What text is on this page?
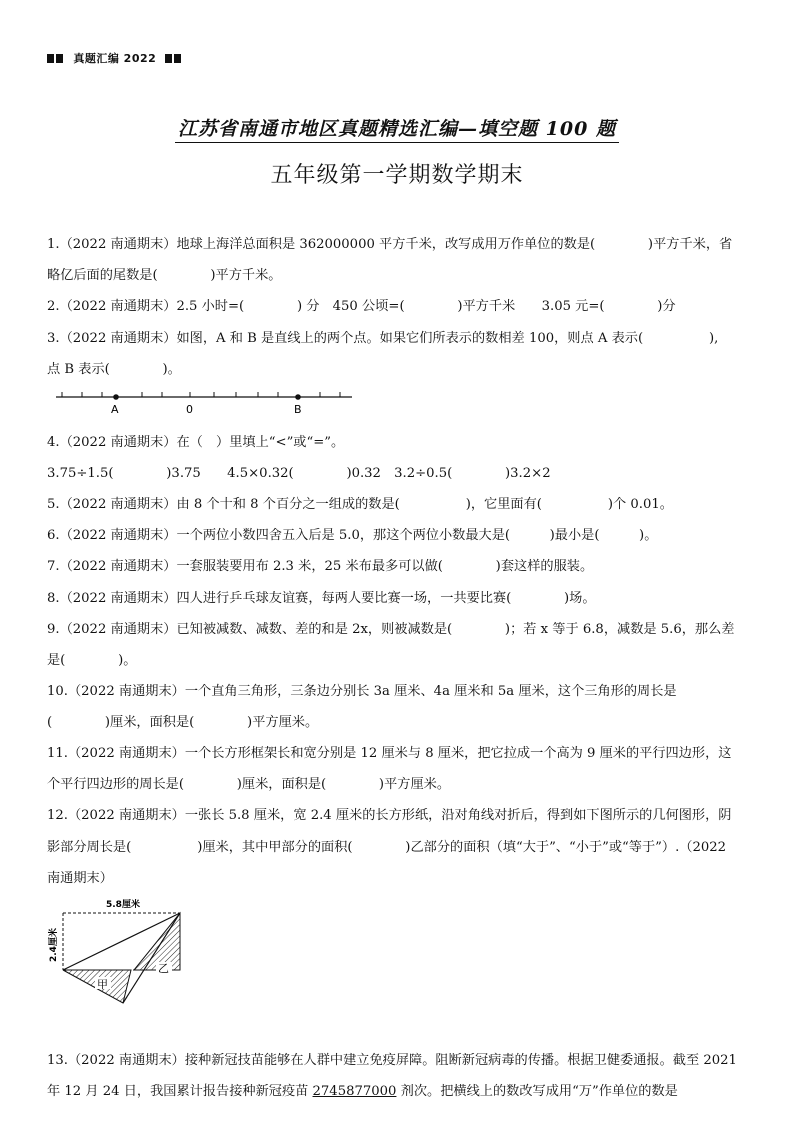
真题汇编 2022
江苏省南通市地区真题精选汇编—填空题 100 题
五年级第一学期数学期末
1.（2022 南通期末）地球上海洋总面积是 362000000 平方千米，改写成用万作单位的数是(　　　　)平方千米，省
略亿后面的尾数是(　　　　)平方千米。
2.（2022 南通期末）2.5 小时=(　　　　) 分　450 公顷=(　　　　)平方千米　　3.05 元=(　　　　)分
3.（2022 南通期末）如图，A 和 B 是直线上的两个点。如果它们所表示的数相差 100，则点 A 表示(　　　　　),
点 B 表示(　　　　)。
A	0	B
4.（2022 南通期末）在（　）里填上“<”或“=”。
3.75÷1.5(　　　　)3.75　　4.5×0.32(　　　　)0.32　3.2÷0.5(　　　　)3.2×2
5.（2022 南通期末）由 8 个十和 8 个百分之一组成的数是(　　　　　)，它里面有(　　　　　)个 0.01。
6.（2022 南通期末）一个两位小数四舍五入后是 5.0，那这个两位小数最大是(　　　)最小是(　　　)。
7.（2022 南通期末）一套服装要用布 2.3 米，25 米布最多可以做(　　　　)套这样的服装。
8.（2022 南通期末）四人进行乒乓球友谊赛，每两人要比赛一场，一共要比赛(　　　　)场。
9.（2022 南通期末）已知被减数、减数、差的和是 2x，则被减数是(　　　　)；若 x 等于 6.8，减数是 5.6，那么差
是(　　　　)。
10.（2022 南通期末）一个直角三角形，三条边分别长 3a 厘米、4a 厘米和 5a 厘米，这个三角形的周长是
(　　　　)厘米，面积是(　　　　)平方厘米。
11.（2022 南通期末）一个长方形框架长和宽分别是 12 厘米与 8 厘米，把它拉成一个高为 9 厘米的平行四边形，这
个平行四边形的周长是(　　　　)厘米，面积是(　　　　)平方厘米。
12.（2022 南通期末）一张长 5.8 厘米，宽 2.4 厘米的长方形纸，沿对角线对折后，得到如下图所示的几何图形，阴
影部分周长是(　　　　　)厘米，其中甲部分的面积(　　　　)乙部分的面积（填“大于”、“小于”或“等于”）.（2022
南通期末）
5.8厘米
2.4厘米
乙
甲
13.（2022 南通期末）接种新冠技苗能够在人群中建立免疫屏障。阻断新冠病毒的传播。根据卫健委通报。截至 2021
年 12 月 24 日，我国累计报告接种新冠疫苗 2745877000 剂次。把横线上的数改写成用“万”作单位的数是
